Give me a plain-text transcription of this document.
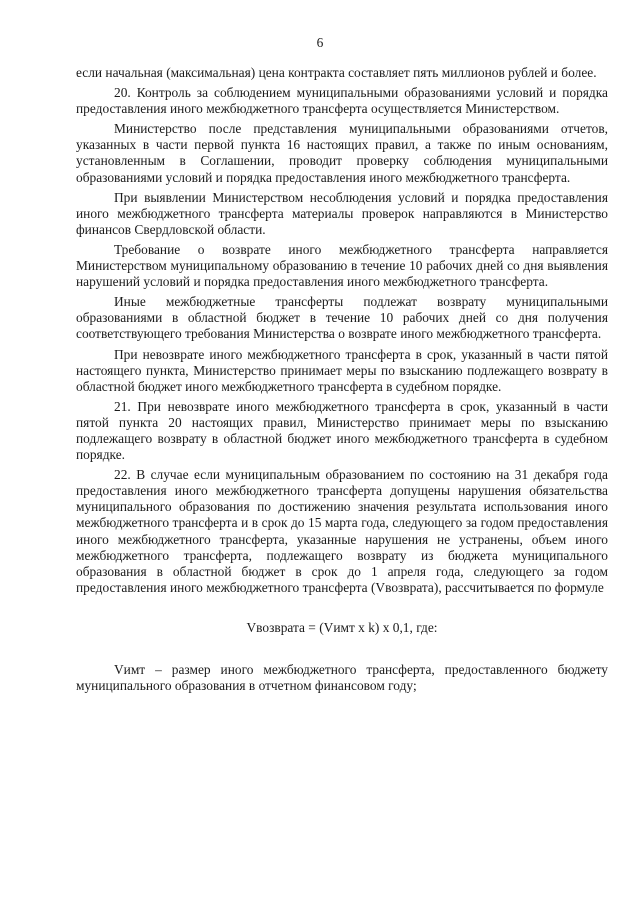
6

если начальная (максимальная) цена контракта составляет пять миллионов рублей и более.

20. Контроль за соблюдением муниципальными образованиями условий и порядка предоставления иного межбюджетного трансферта осуществляется Министерством.

Министерство после представления муниципальными образованиями отчетов, указанных в части первой пункта 16 настоящих правил, а также по иным основаниям, установленным в Соглашении, проводит проверку соблюдения муниципальными образованиями условий и порядка предоставления иного межбюджетного трансферта.

При выявлении Министерством несоблюдения условий и порядка предоставления иного межбюджетного трансферта материалы проверок направляются в Министерство финансов Свердловской области.

Требование о возврате иного межбюджетного трансферта направляется Министерством муниципальному образованию в течение 10 рабочих дней со дня выявления нарушений условий и порядка предоставления иного межбюджетного трансферта.

Иные межбюджетные трансферты подлежат возврату муниципальными образованиями в областной бюджет в течение 10 рабочих дней со дня получения соответствующего требования Министерства о возврате иного межбюджетного трансферта.

При невозврате иного межбюджетного трансферта в срок, указанный в части пятой настоящего пункта, Министерство принимает меры по взысканию подлежащего возврату в областной бюджет иного межбюджетного трансферта в судебном порядке.

21. При невозврате иного межбюджетного трансферта в срок, указанный в части пятой пункта 20 настоящих правил, Министерство принимает меры по взысканию подлежащего возврату в областной бюджет иного межбюджетного трансферта в судебном порядке.

22. В случае если муниципальным образованием по состоянию на 31 декабря года предоставления иного межбюджетного трансферта допущены нарушения обязательства муниципального образования по достижению значения результата использования иного межбюджетного трансферта и в срок до 15 марта года, следующего за годом предоставления иного межбюджетного трансферта, указанные нарушения не устранены, объем иного межбюджетного трансферта, подлежащего возврату из бюджета муниципального образования в областной бюджет в срок до 1 апреля года, следующего за годом предоставления иного межбюджетного трансферта (Vвозврата), рассчитывается по формуле

Vвозврата = (Vимт x k) x 0,1, где:

Vимт – размер иного межбюджетного трансферта, предоставленного бюджету муниципального образования в отчетном финансовом году;
